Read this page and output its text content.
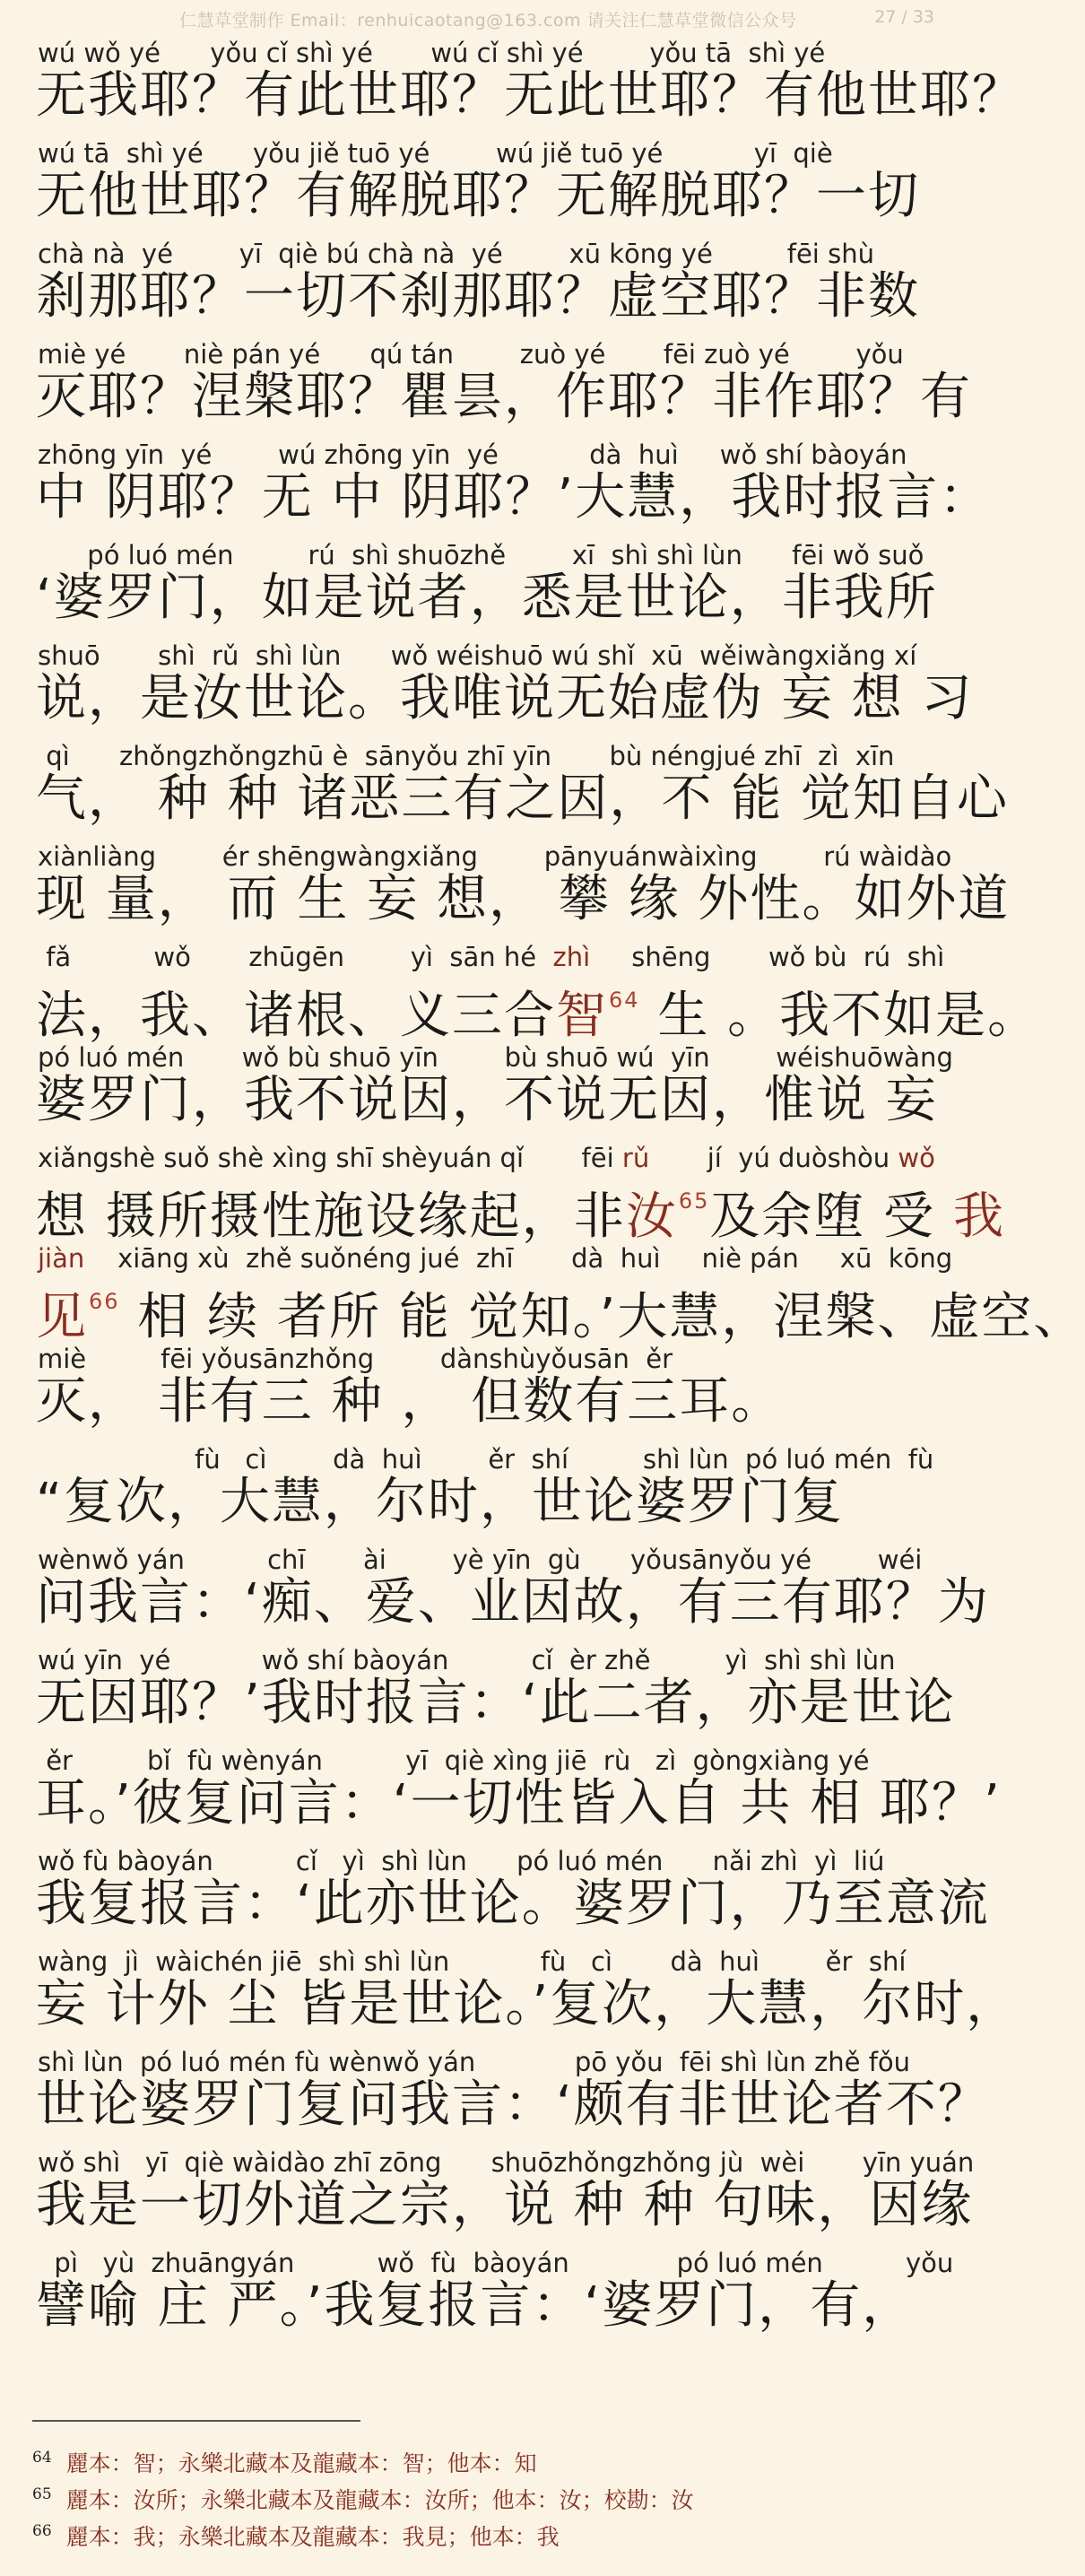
仁慧草堂制作 Email：renhuicaotang@163.com 请关注仁慧草堂微信公众号	27 / 33
wú wǒ yé      yǒu cǐ shì yé       wú cǐ shì yé        yǒu tā  shì yé
无我耶？有此世耶？无此世耶？有他世耶？
wú tā  shì yé      yǒu jiě tuō yé        wú jiě tuō yé           yī  qiè
无他世耶？有解脱耶？无解脱耶？一切
chà nà  yé        yī  qiè bú chà nà  yé        xū kōng yé         fēi shù
刹那耶？一切不刹那耶？虚空耶？非数
miè yé       niè pán yé      qú tán        zuò yé       fēi zuò yé        yǒu
灭耶？涅槃耶？瞿昙，作耶？非作耶？有
zhōng yīn  yé        wú zhōng yīn  yé           dà  huì     wǒ shí bàoyán
中 阴耶？无 中 阴耶？’大慧，我时报言：
pó luó mén         rú  shì shuōzhě        xī  shì shì lùn      fēi wǒ suǒ
‘婆罗门，如是说者，悉是世论，非我所
shuō       shì  rǔ  shì lùn      wǒ wéishuō wú shǐ  xū  wěiwàngxiǎng xí
说，是汝世论。我唯说无始虚伪 妄 想 习
qì      zhǒngzhǒngzhū è  sānyǒu zhī yīn       bù néngjué zhī  zì  xīn
气， 种 种 诸恶三有之因，不 能 觉知自心
xiànliàng        ér shēngwàngxiǎng        pānyuánwàixìng        rú wàidào
现 量， 而 生 妄 想， 攀 缘 外性。如外道
fǎ          wǒ       zhūgēn        yì  sān hé  zhì     shēng       wǒ bù  rú  shì
法，我、诸根、义三合智$^{64}$ 生 。我不如是。
pó luó mén       wǒ bù shuō yīn        bù shuō wú  yīn        wéishuōwàng
婆罗门，我不说因，不说无因，惟说 妄
xiǎngshè suǒ shè xìng shī shèyuán qǐ       fēi rǔ       jí  yú duòshòu wǒ
想 摄所摄性施设缘起，非汝$^{65}$及余堕 受 我
jiàn    xiāng xù  zhě suǒnéng jué  zhī       dà  huì     niè pán     xū  kōng
见$^{66}$ 相 续 者所 能 觉知。’大慧，涅槃、虚空、
miè         fēi yǒusānzhǒng        dànshùyǒusān  ěr
灭， 非有三 种 ， 但数有三耳。
fù   cì        dà  huì        ěr  shí         shì lùn  pó luó mén  fù
“复次，大慧，尔时，世论婆罗门复
wènwǒ yán          chī       ài        yè yīn  gù      yǒusānyǒu yé        wéi
问我言：‘痴、爱、业因故，有三有耶？为
wú yīn  yé           wǒ shí bàoyán          cǐ  èr zhě         yì  shì shì lùn
无因耶？’我时报言：‘此二者，亦是世论
ěr         bǐ  fù wènyán          yī  qiè xìng jiē  rù   zì  gòngxiàng yé
耳。’彼复问言：‘一切性皆入自 共 相 耶？’
wǒ fù bàoyán          cǐ   yì  shì lùn      pó luó mén      nǎi zhì  yì  liú
我复报言：‘此亦世论。婆罗门，乃至意流
wàng  jì  wàichén jiē  shì shì lùn           fù   cì       dà  huì        ěr  shí
妄 计外 尘 皆是世论。’复次，大慧，尔时，
shì lùn  pó luó mén fù wènwǒ yán            pō yǒu  fēi shì lùn zhě fǒu
世论婆罗门复问我言：‘颇有非世论者不？
wǒ shì   yī  qiè wàidào zhī zōng      shuōzhǒngzhǒng jù  wèi       yīn yuán
我是一切外道之宗，说 种 种 句味，因缘
pì   yù  zhuāngyán          wǒ  fù  bàoyán             pó luó mén          yǒu
譬喻 庄 严。’我复报言：‘婆罗门，有，
$^{64}$ 麗本：智；永樂北藏本及龍藏本：智；他本：知
$^{65}$ 麗本：汝所；永樂北藏本及龍藏本：汝所；他本：汝；校勘：汝
$^{66}$ 麗本：我；永樂北藏本及龍藏本：我見；他本：我
